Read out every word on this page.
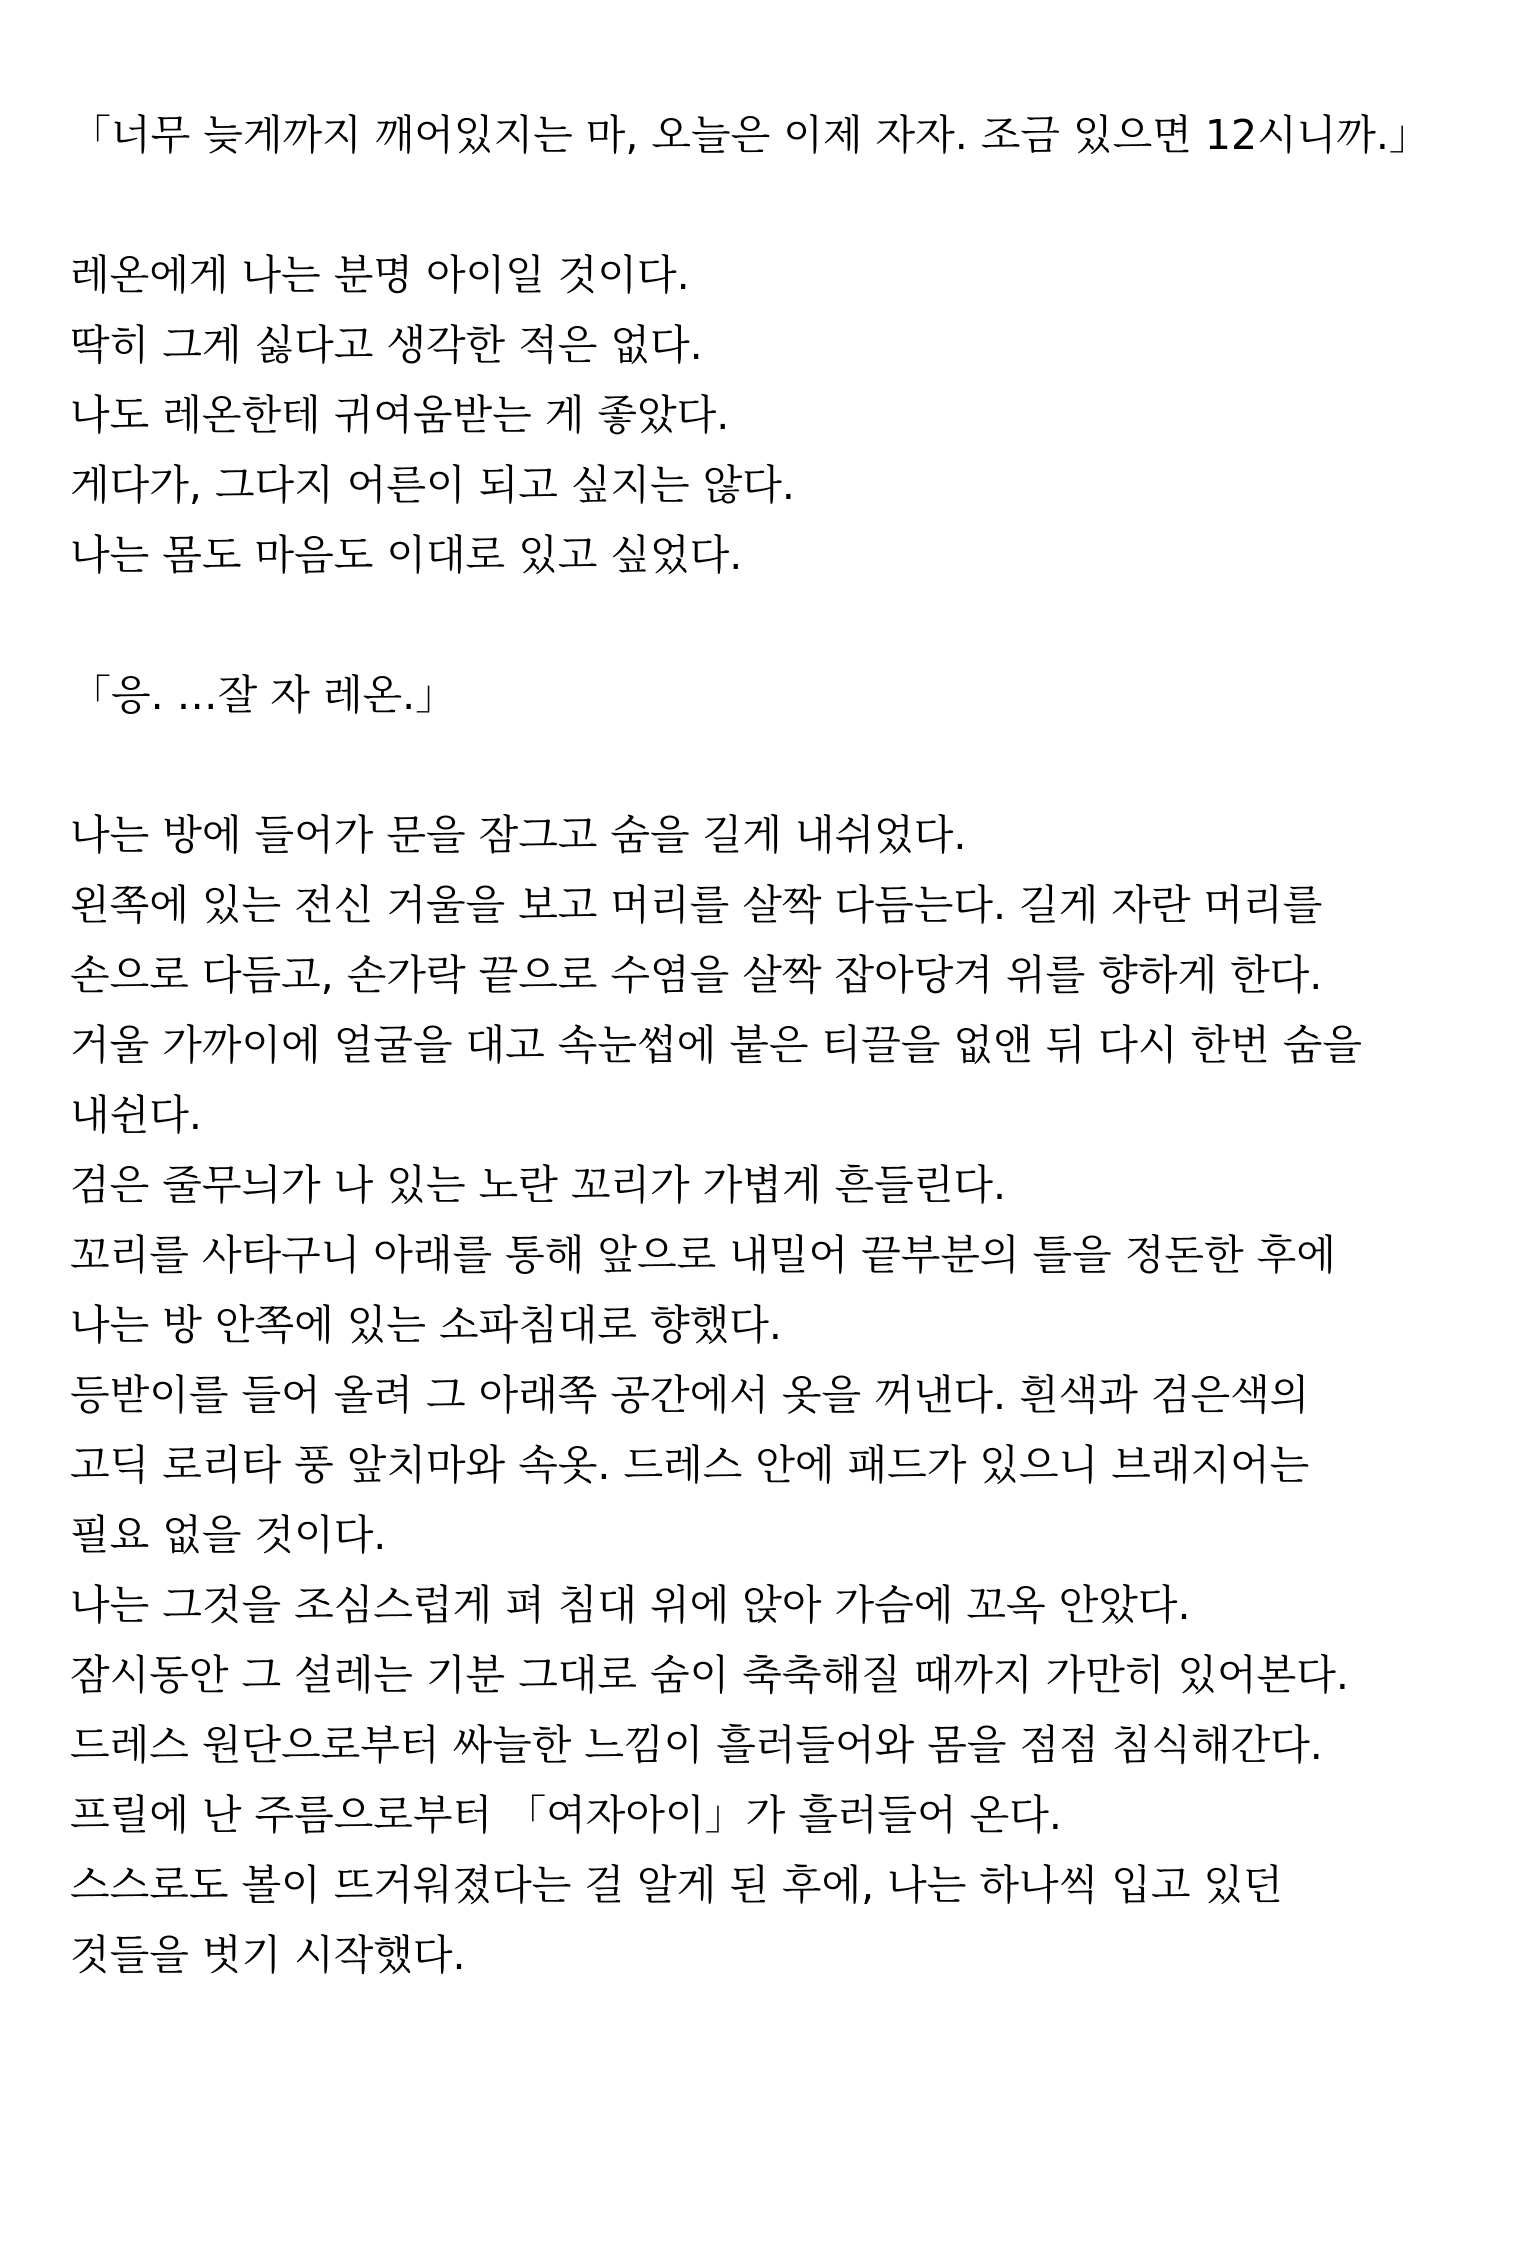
「너무 늦게까지 깨어있지는 마, 오늘은 이제 자자. 조금 있으면 12시니까.」
레온에게 나는 분명 아이일 것이다.
딱히 그게 싫다고 생각한 적은 없다.
나도 레온한테 귀여움받는 게 좋았다.
게다가, 그다지 어른이 되고 싶지는 않다.
나는 몸도 마음도 이대로 있고 싶었다.
「응. …잘 자 레온.」
나는 방에 들어가 문을 잠그고 숨을 길게 내쉬었다.
왼쪽에 있는 전신 거울을 보고 머리를 살짝 다듬는다. 길게 자란 머리를
손으로 다듬고, 손가락 끝으로 수염을 살짝 잡아당겨 위를 향하게 한다.
거울 가까이에 얼굴을 대고 속눈썹에 붙은 티끌을 없앤 뒤 다시 한번 숨을
내쉰다.
검은 줄무늬가 나 있는 노란 꼬리가 가볍게 흔들린다.
꼬리를 사타구니 아래를 통해 앞으로 내밀어 끝부분의 틀을 정돈한 후에
나는 방 안쪽에 있는 소파침대로 향했다.
등받이를 들어 올려 그 아래쪽 공간에서 옷을 꺼낸다. 흰색과 검은색의
고딕 로리타 풍 앞치마와 속옷. 드레스 안에 패드가 있으니 브래지어는
필요 없을 것이다.
나는 그것을 조심스럽게 펴 침대 위에 앉아 가슴에 꼬옥 안았다.
잠시동안 그 설레는 기분 그대로 숨이 축축해질 때까지 가만히 있어본다.
드레스 원단으로부터 싸늘한 느낌이 흘러들어와 몸을 점점 침식해간다.
프릴에 난 주름으로부터 「여자아이」가 흘러들어 온다.
스스로도 볼이 뜨거워졌다는 걸 알게 된 후에, 나는 하나씩 입고 있던
것들을 벗기 시작했다.
